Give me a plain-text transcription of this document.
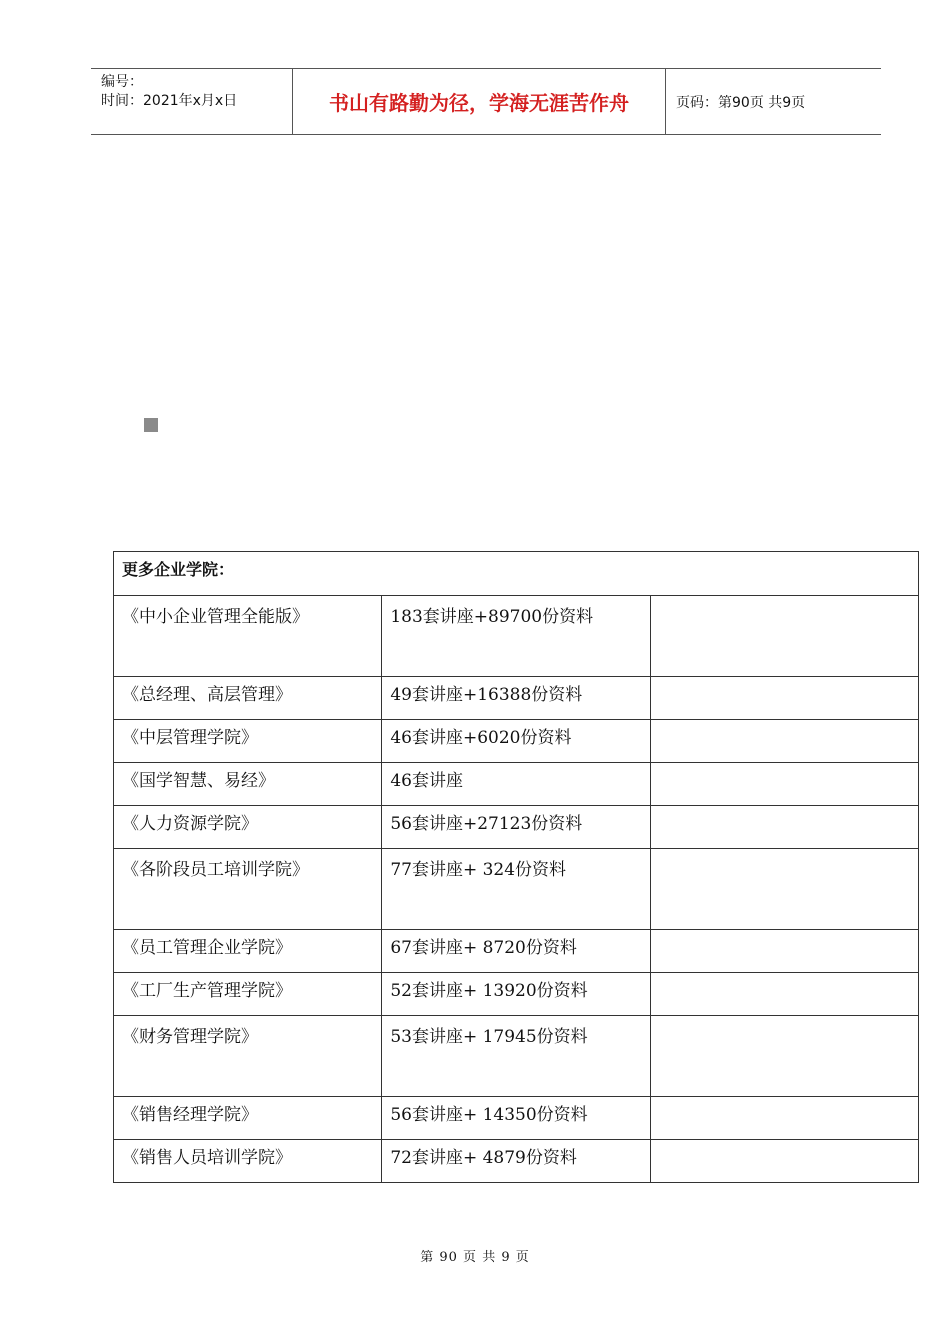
编号：
时间：2021年x月x日	书山有路勤为径，学海无涯苦作舟	页码：第90页 共9页
更多企业学院：		
《中小企业管理全能版》	183套讲座+89700份资料	
《总经理、高层管理》	49套讲座+16388份资料	
《中层管理学院》	46套讲座+6020份资料	
《国学智慧、易经》	46套讲座	
《人力资源学院》	56套讲座+27123份资料	
《各阶段员工培训学院》	77套讲座+ 324份资料	
《员工管理企业学院》	67套讲座+ 8720份资料	
《工厂生产管理学院》	52套讲座+ 13920份资料	
《财务管理学院》	53套讲座+ 17945份资料	
《销售经理学院》	56套讲座+ 14350份资料	
《销售人员培训学院》	72套讲座+ 4879份资料	
第 90 页 共 9 页
